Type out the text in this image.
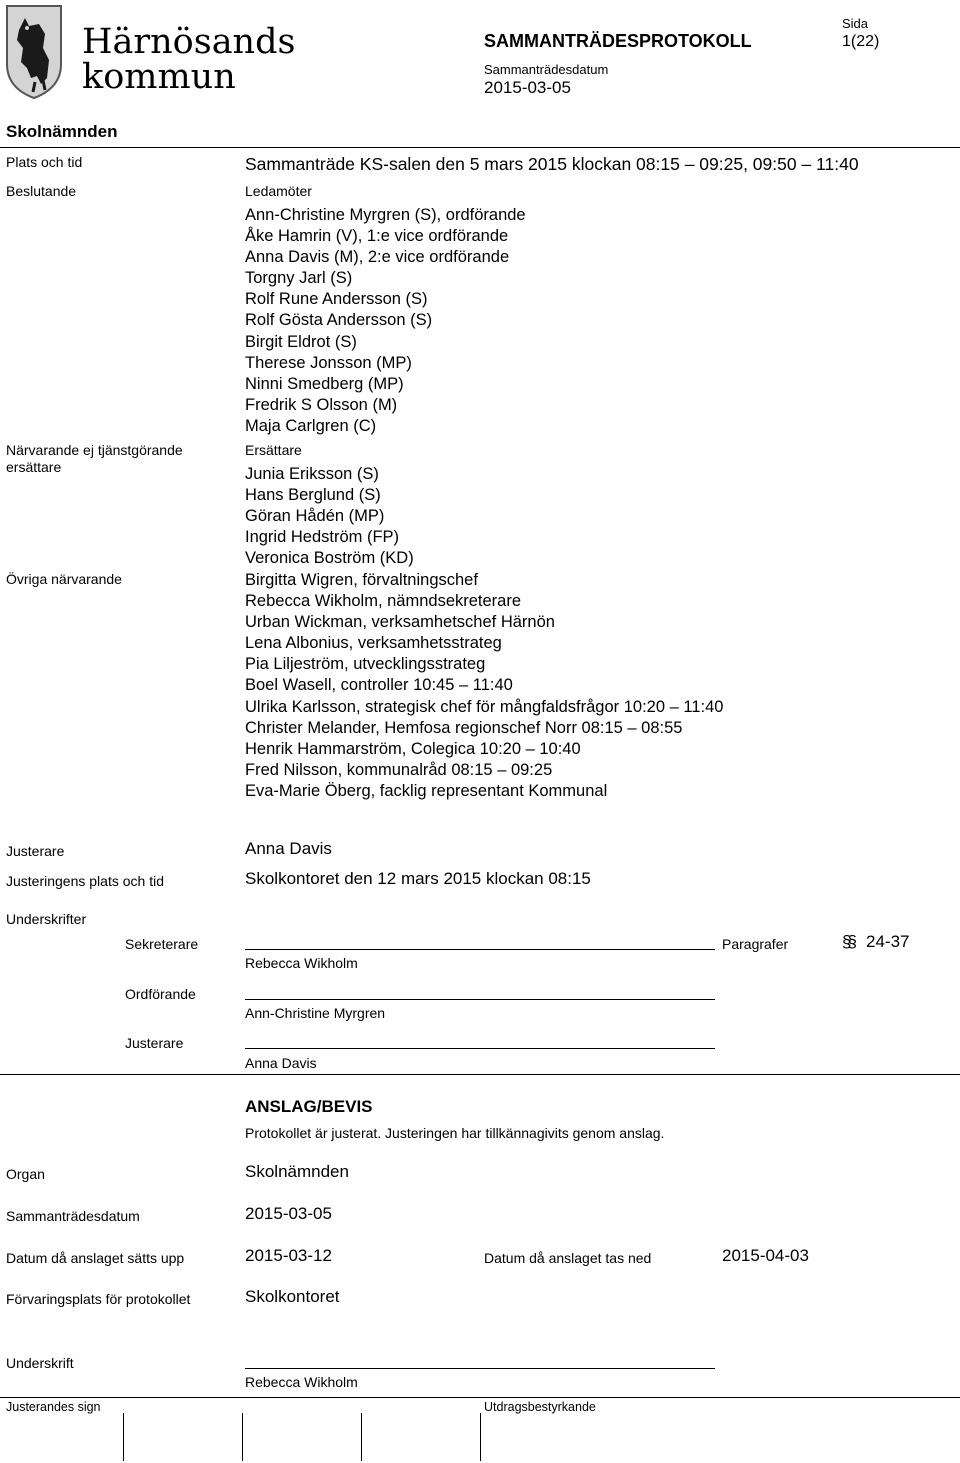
Härnösands
kommun
SAMMANTRÄDESPROTOKOLL
Sammanträdesdatum
2015-03-05
Sida
1(22)
Skolnämnden
Plats och tid	Sammanträde KS-salen den 5 mars 2015 klockan 08:15 – 09:25, 09:50 – 11:40
Beslutande	Ledamöter
Ann-Christine Myrgren (S), ordförande
Åke Hamrin (V), 1:e vice ordförande
Anna Davis (M), 2:e vice ordförande
Torgny Jarl (S)
Rolf Rune Andersson (S)
Rolf Gösta Andersson (S)
Birgit Eldrot (S)
Therese Jonsson (MP)
Ninni Smedberg (MP)
Fredrik S Olsson (M)
Maja Carlgren (C)
Närvarande ej tjänstgörande
ersättare
Ersättare
Junia Eriksson (S)
Hans Berglund (S)
Göran Hådén (MP)
Ingrid Hedström (FP)
Veronica Boström (KD)
Övriga närvarande	Birgitta Wigren, förvaltningschef
Rebecca Wikholm, nämndsekreterare
Urban Wickman, verksamhetschef Härnön
Lena Albonius, verksamhetsstrateg
Pia Liljeström, utvecklingsstrateg
Boel Wasell, controller 10:45 – 11:40
Ulrika Karlsson, strategisk chef för mångfaldsfrågor 10:20 – 11:40
Christer Melander, Hemfosa regionschef Norr 08:15 – 08:55
Henrik Hammarström, Colegica 10:20 – 10:40
Fred Nilsson, kommunalråd 08:15 – 09:25
Eva-Marie Öberg, facklig representant Kommunal
Justerare	Anna Davis
Justeringens plats och tid	Skolkontoret den 12 mars 2015 klockan 08:15
Underskrifter
Sekreterare
Rebecca Wikholm
Paragrafer	§§ 24-37
Ordförande
Ann-Christine Myrgren
Justerare
Anna Davis
ANSLAG/BEVIS
Protokollet är justerat. Justeringen har tillkännagivits genom anslag.
Organ	Skolnämnden
Sammanträdesdatum	2015-03-05
Datum då anslaget sätts upp	2015-03-12	Datum då anslaget tas ned	2015-04-03
Förvaringsplats för protokollet	Skolkontoret
Underskrift
Rebecca Wikholm
Justerandes sign	Utdragsbestyrkande
